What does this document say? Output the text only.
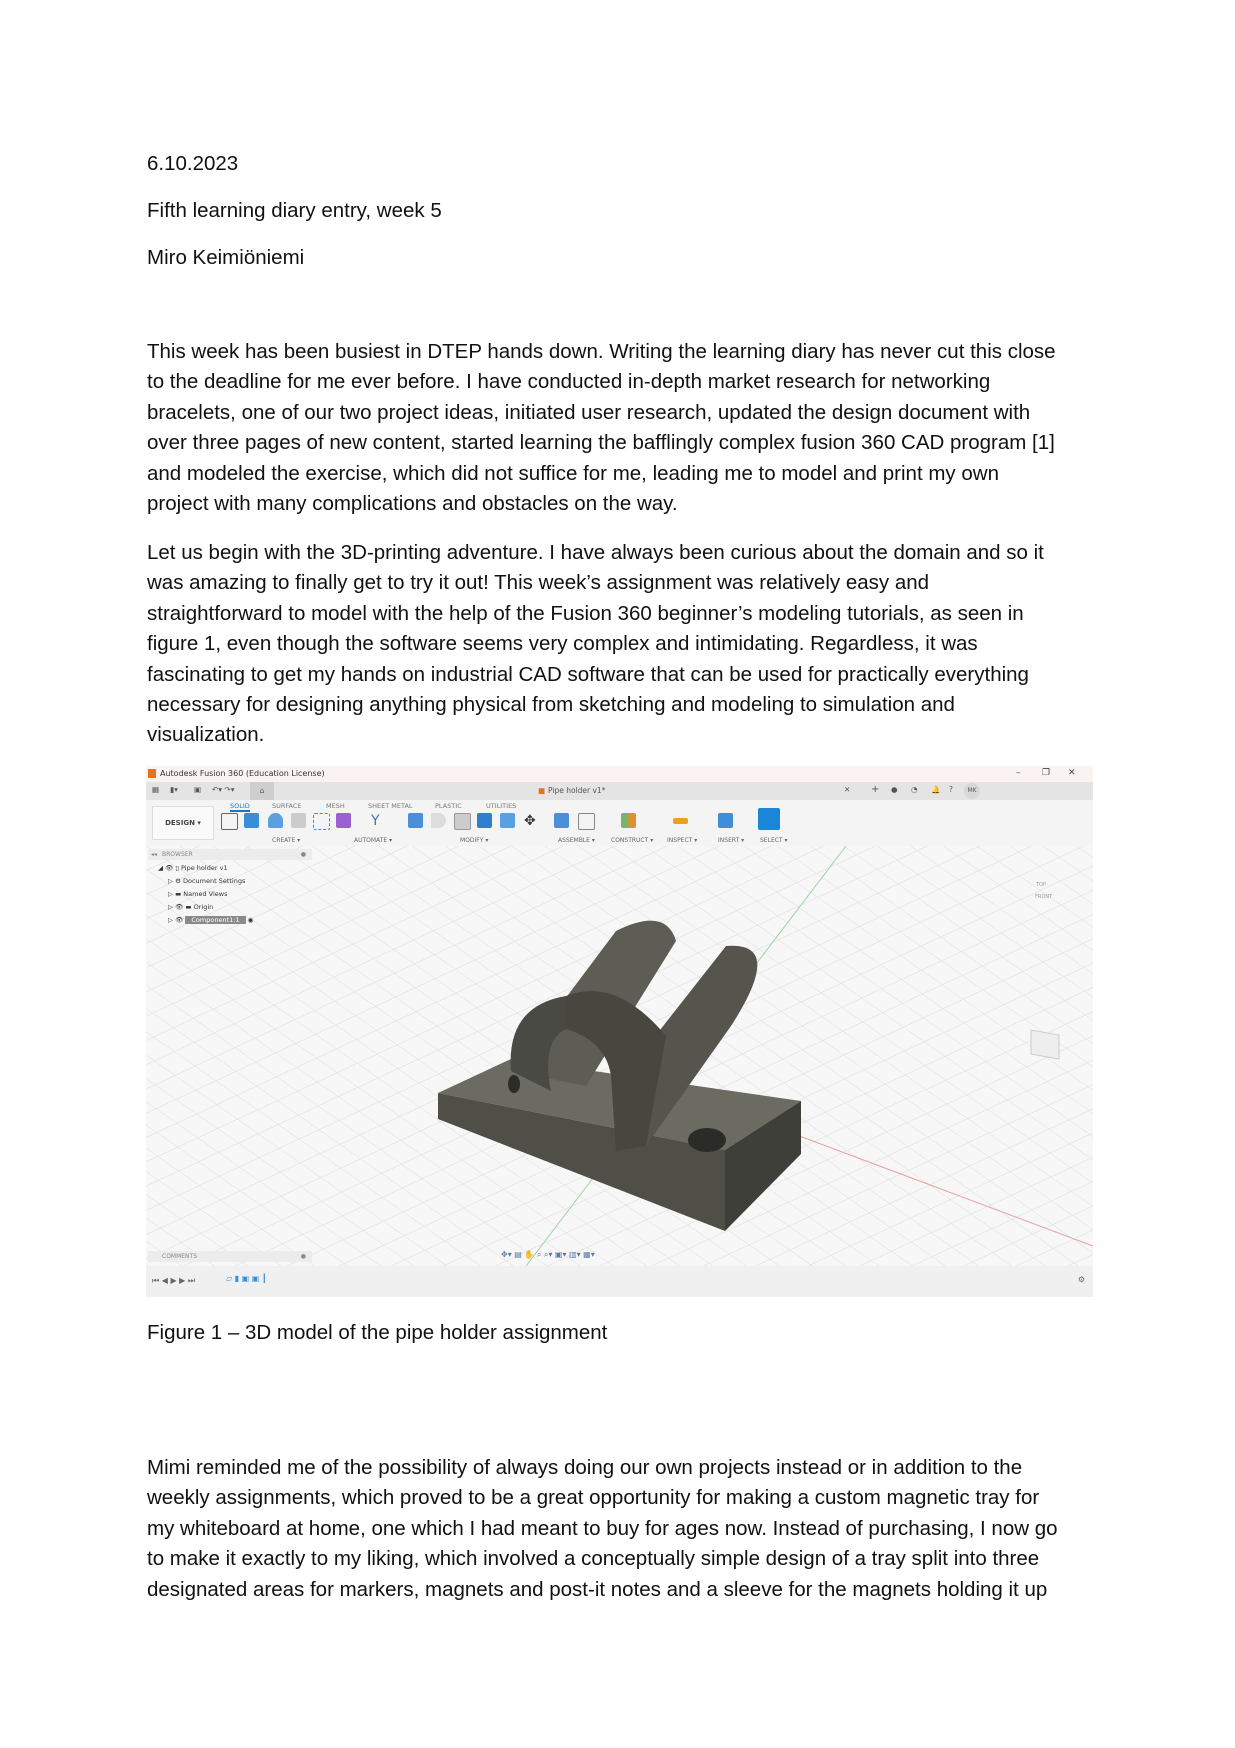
6.10.2023
Fifth learning diary entry, week 5
Miro Keimiöniemi
This week has been busiest in DTEP hands down. Writing the learning diary has never cut this close
to the deadline for me ever before. I have conducted in-depth market research for networking
bracelets, one of our two project ideas, initiated user research, updated the design document with
over three pages of new content, started learning the bafflingly complex fusion 360 CAD program [1]
and modeled the exercise, which did not suffice for me, leading me to model and print my own
project with many complications and obstacles on the way.
Let us begin with the 3D-printing adventure. I have always been curious about the domain and so it
was amazing to finally get to try it out! This week’s assignment was relatively easy and
straightforward to model with the help of the Fusion 360 beginner’s modeling tutorials, as seen in
figure 1, even though the software seems very complex and intimidating. Regardless, it was
fascinating to get my hands on industrial CAD software that can be used for practically everything
necessary for designing anything physical from sketching and modeling to simulation and
visualization.
Mimi reminded me of the possibility of always doing our own projects instead or in addition to the
weekly assignments, which proved to be a great opportunity for making a custom magnetic tray for
my whiteboard at home, one which I had meant to buy for ages now. Instead of purchasing, I now go
to make it exactly to my liking, which involved a conceptually simple design of a tray split into three
designated areas for markers, magnets and post-it notes and a sleeve for the magnets holding it up
Autodesk Fusion 360 (Education License)	– ❐ ✕
▦ ▮▾ ▣ ↶▾ ↷▾	⌂	■ Pipe holder v1*	✕ + ● ◔ 🔔 ?	MK
DESIGN ▾
SOLID	SURFACE	MESH	SHEET METAL	PLASTIC	UTILITIES
Y	✥
CREATE ▾	AUTOMATE ▾	MODIFY ▾	ASSEMBLE ▾	CONSTRUCT ▾ INSPECT ▾	INSERT ▾	SELECT ▾
TOP
FRONT
◂◂ BROWSER	●
◢ 👁 ▯ Pipe holder v1
▷ ⚙ Document Settings
▷ ▬ Named Views
▷ 👁 ▬ Origin
▷ 👁 Component1:1 ◉
COMMENTS	●	✥▾ ▤ ✋ ⌕ ⌕▾ ▣▾ ▥▾ ▦▾
⏮ ◀ ▶ ▶ ⏭	▱ ▮ ▣ ▣ ┃	⚙
Figure 1 – 3D model of the pipe holder assignment
